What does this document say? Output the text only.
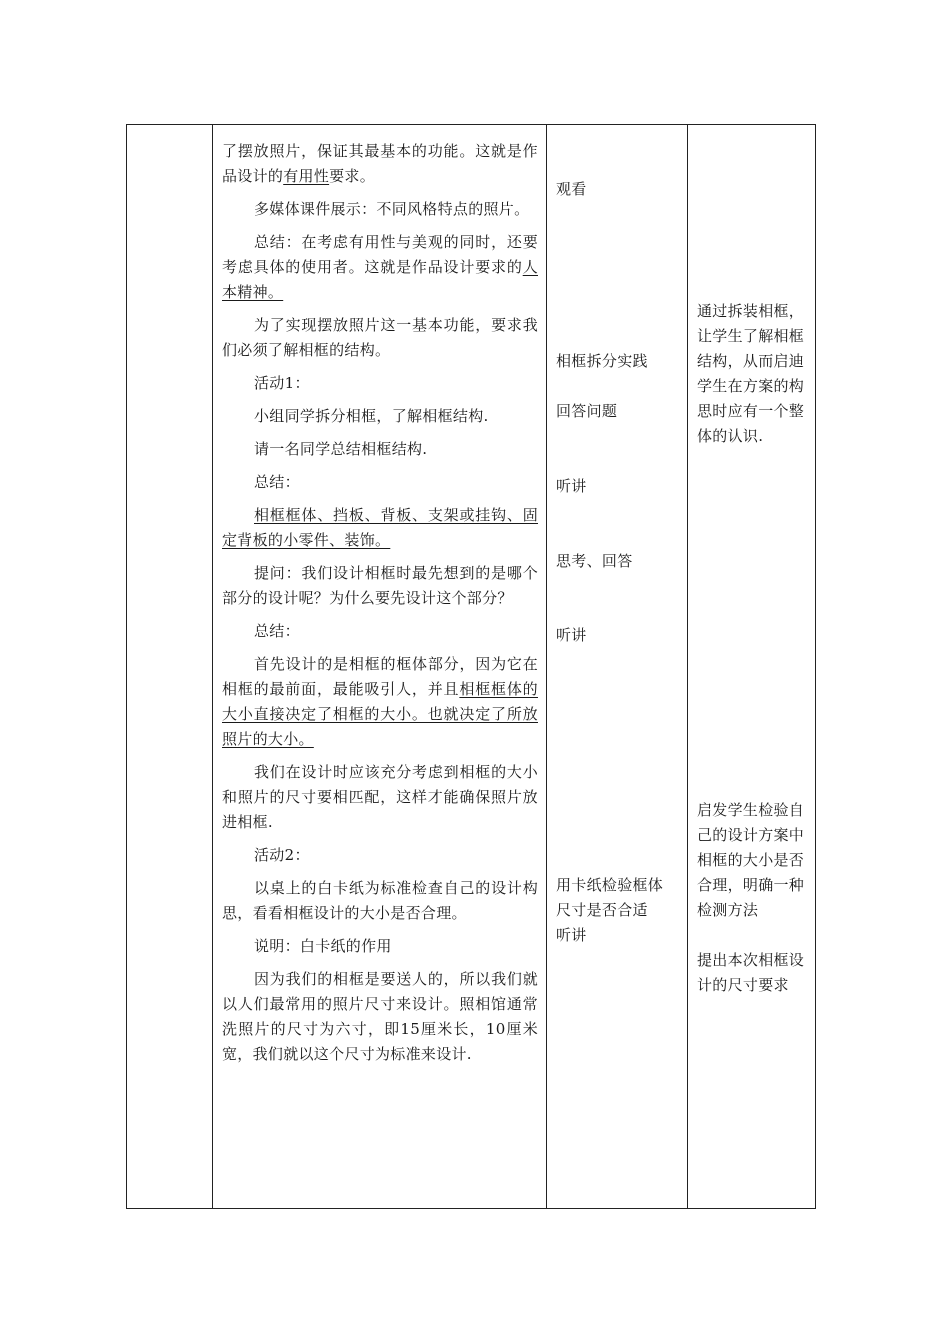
了摆放照片，保证其最基本的功能。这就是作品设计的有用性要求。

多媒体课件展示：不同风格特点的照片。

总结：在考虑有用性与美观的同时，还要考虑具体的使用者。这就是作品设计要求的人本精神。

为了实现摆放照片这一基本功能，要求我们必须了解相框的结构。

活动1：

小组同学拆分相框，了解相框结构.

请一名同学总结相框结构.

总结：

相框框体、挡板、背板、支架或挂钩、固定背板的小零件、装饰。

提问：我们设计相框时最先想到的是哪个部分的设计呢？为什么要先设计这个部分？

总结：

首先设计的是相框的框体部分，因为它在相框的最前面，最能吸引人，并且相框框体的大小直接决定了相框的大小。也就决定了所放照片的大小。

我们在设计时应该充分考虑到相框的大小和照片的尺寸要相匹配，这样才能确保照片放进相框.

活动2：

以桌上的白卡纸为标准检查自己的设计构思，看看相框设计的大小是否合理。

说明：白卡纸的作用

因为我们的相框是要送人的，所以我们就以人们最常用的照片尺寸来设计。照相馆通常洗照片的尺寸为六寸，即15厘米长，10厘米宽，我们就以这个尺寸为标准来设计.

观看
相框拆分实践
回答问题
听讲
思考、回答
听讲
用卡纸检验框体尺寸是否合适
听讲
通过拆装相框，让学生了解相框结构，从而启迪学生在方案的构思时应有一个整体的认识.
启发学生检验自己的设计方案中相框的大小是否合理，明确一种检测方法
提出本次相框设计的尺寸要求
